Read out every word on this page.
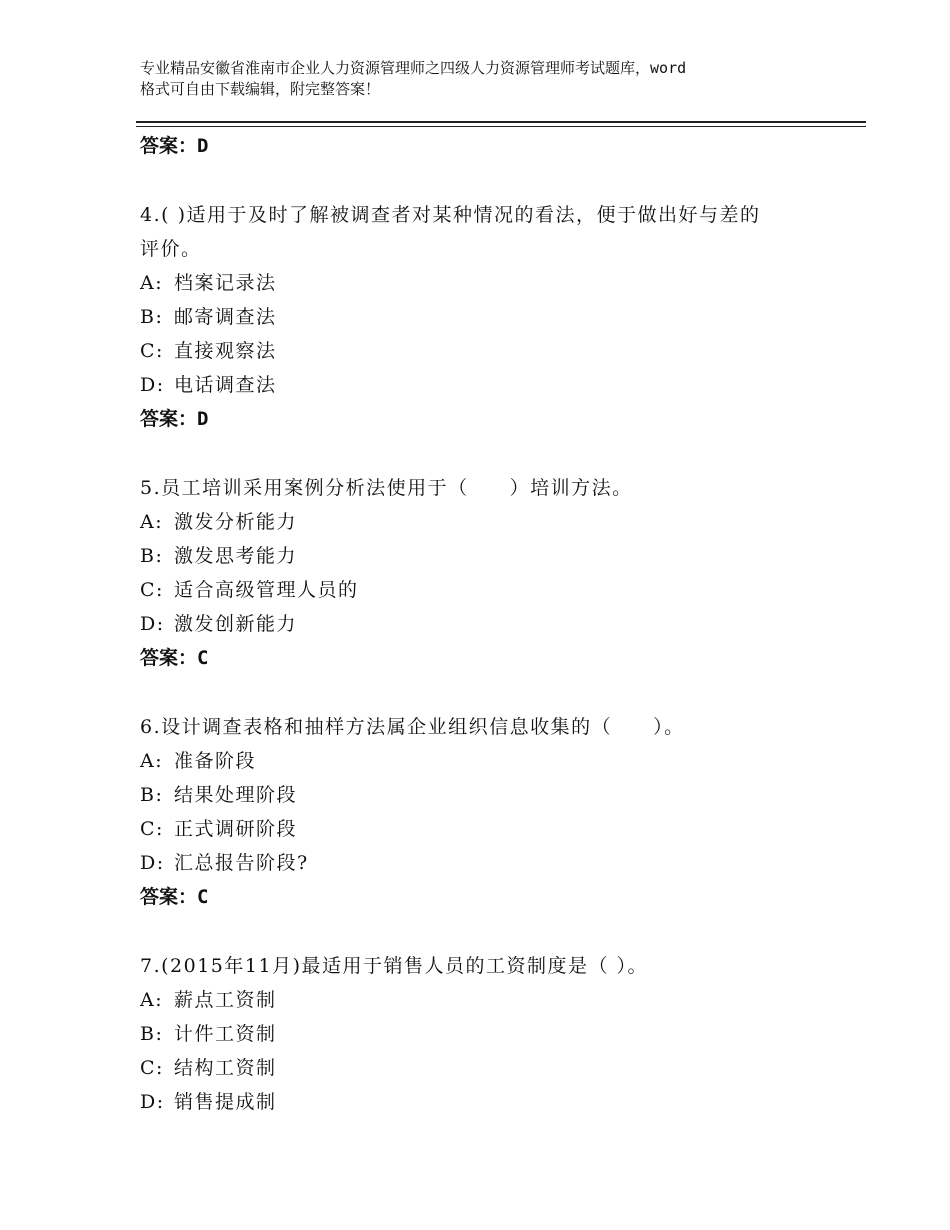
专业精品安徽省淮南市企业人力资源管理师之四级人力资源管理师考试题库，word
格式可自由下载编辑，附完整答案！
答案：D
4.( )适用于及时了解被调查者对某种情况的看法，便于做出好与差的
评价。
A: 档案记录法
B: 邮寄调查法
C: 直接观察法
D: 电话调查法
答案：D
5.员工培训采用案例分析法使用于（　　）培训方法。
A: 激发分析能力
B: 激发思考能力
C: 适合高级管理人员的
D: 激发创新能力
答案：C
6.设计调查表格和抽样方法属企业组织信息收集的（　　）。
A: 准备阶段
B: 结果处理阶段
C: 正式调研阶段
D: 汇总报告阶段?
答案：C
7.(2015年11月)最适用于销售人员的工资制度是（ ）。
A: 薪点工资制
B: 计件工资制
C: 结构工资制
D: 销售提成制
